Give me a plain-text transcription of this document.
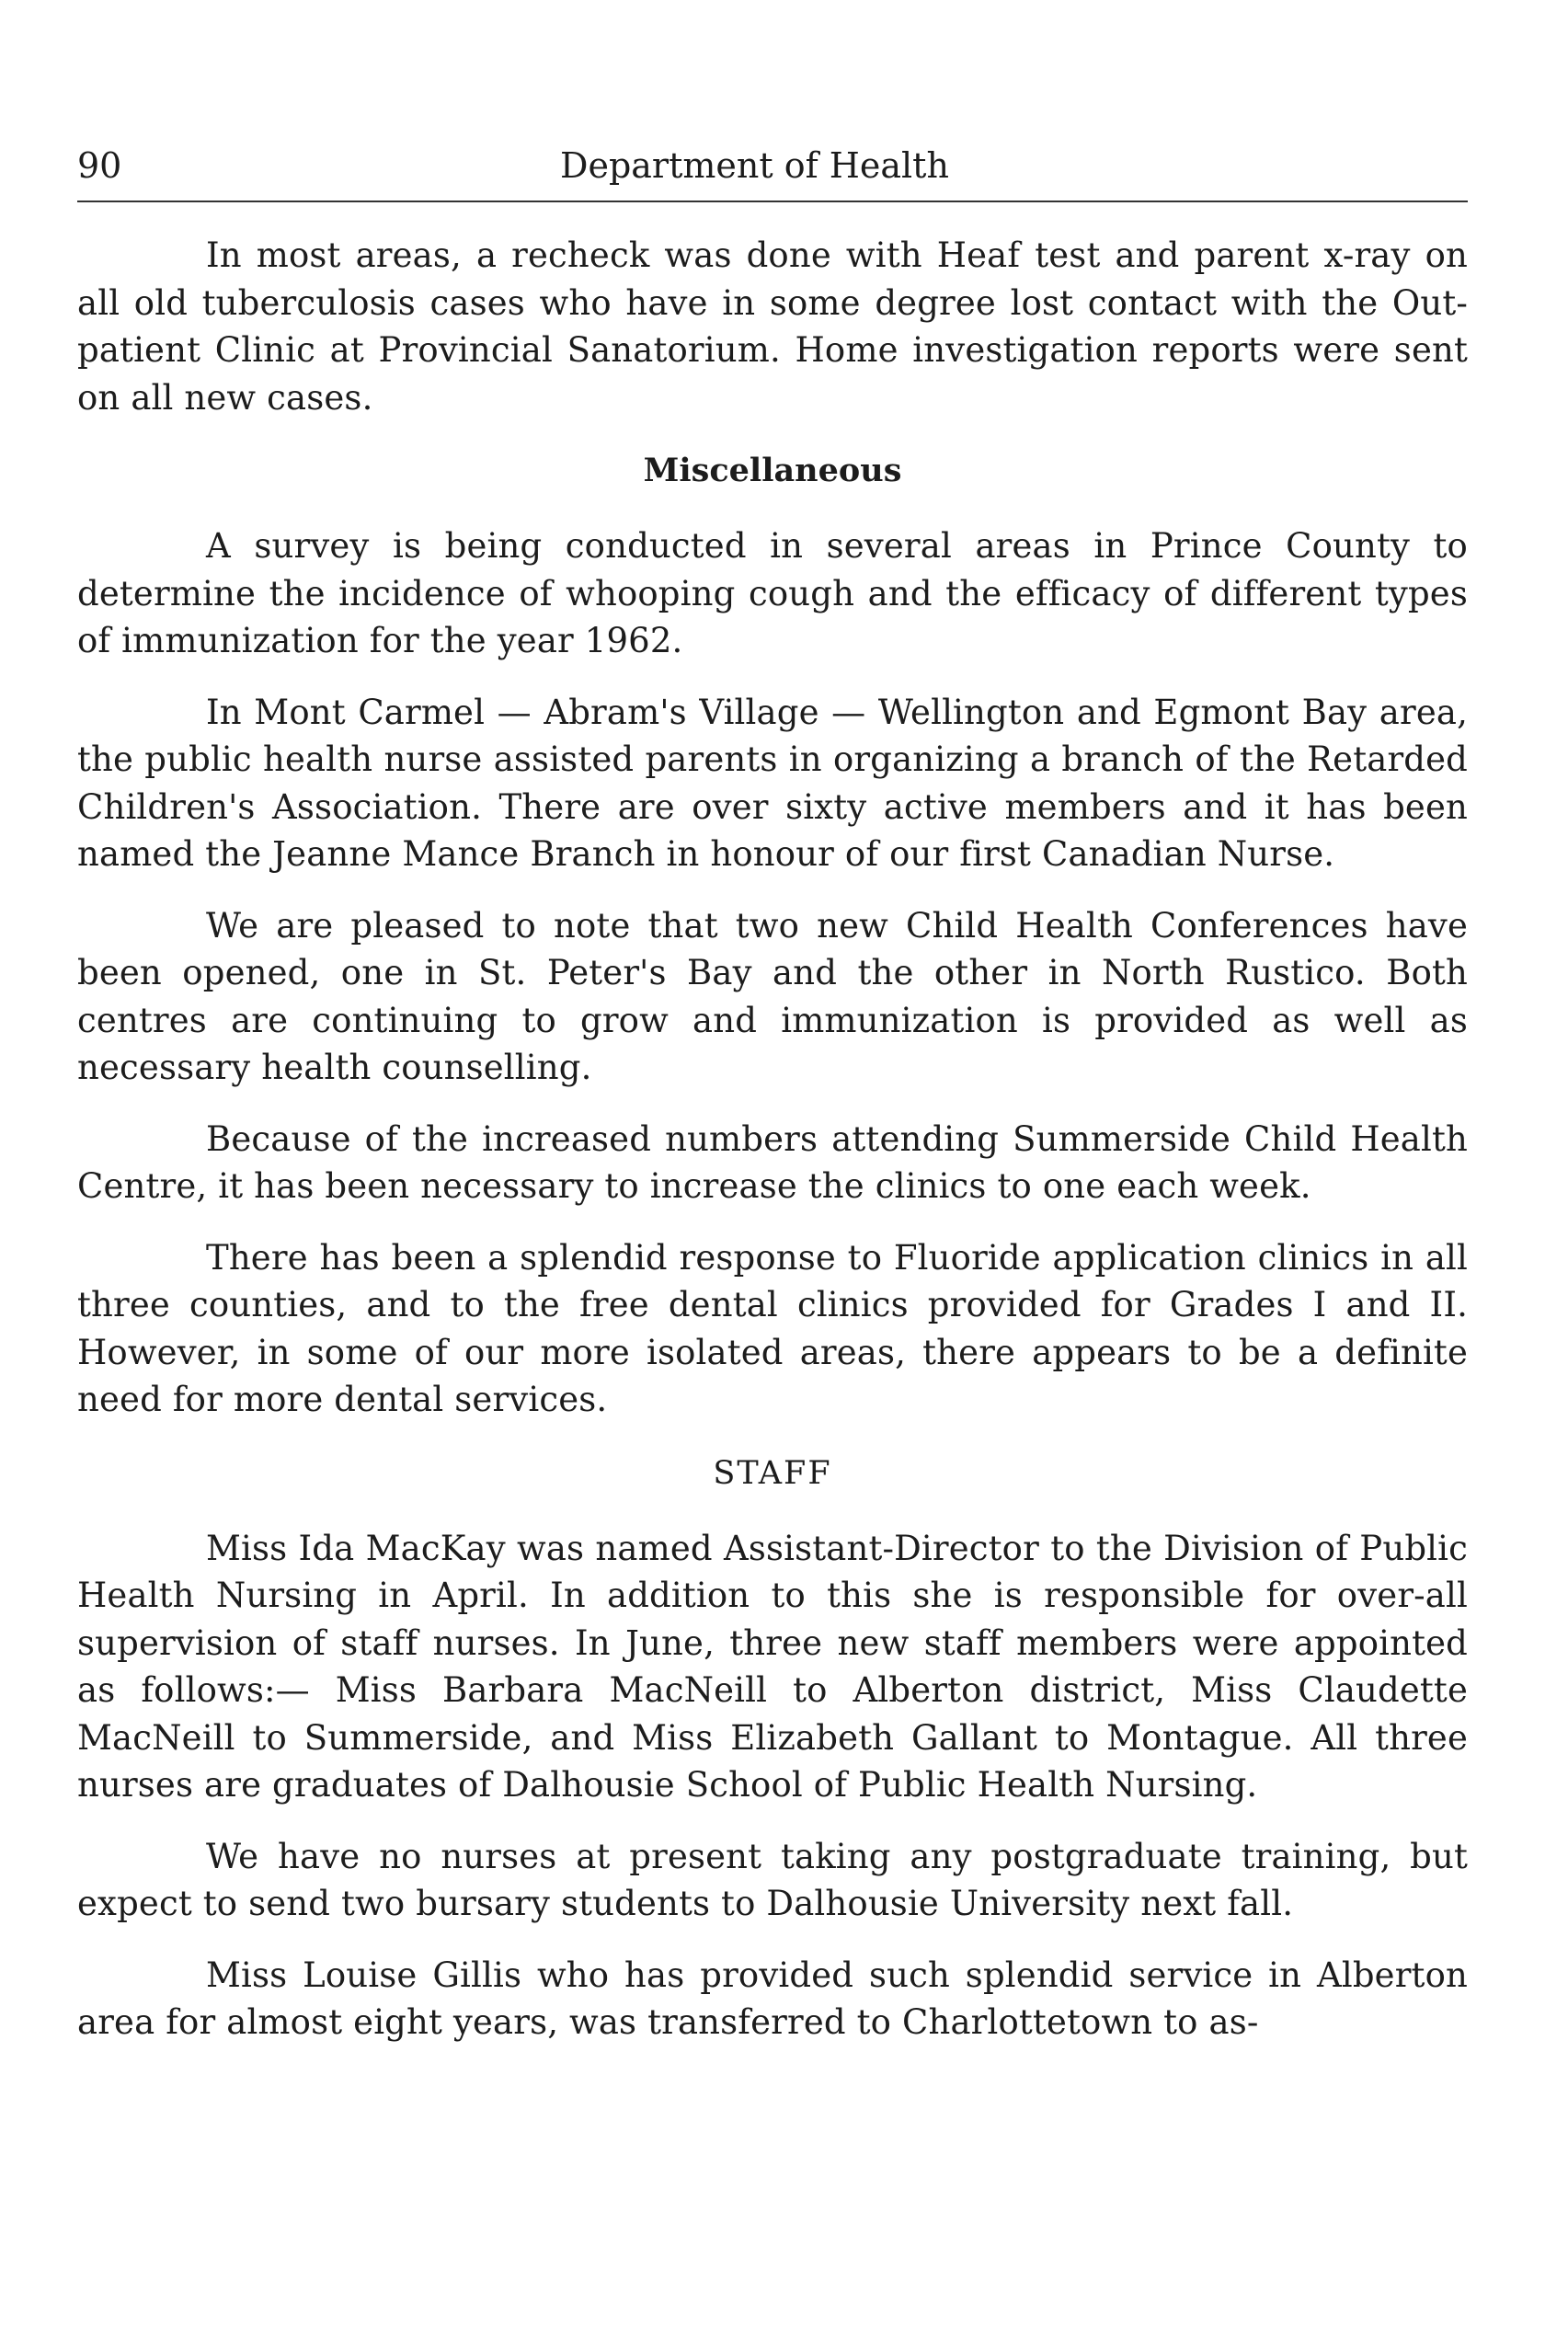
90	Department of Health

In most areas, a recheck was done with Heaf test and parent x-ray on all old tuberculosis cases who have in some degree lost contact with the Out-patient Clinic at Provincial Sanatorium. Home investigation reports were sent on all new cases.

Miscellaneous

A survey is being conducted in several areas in Prince County to determine the incidence of whooping cough and the efficacy of different types of immunization for the year 1962.

In Mont Carmel — Abram's Village — Wellington and Egmont Bay area, the public health nurse assisted parents in organizing a branch of the Retarded Children's Association. There are over sixty active members and it has been named the Jeanne Mance Branch in honour of our first Canadian Nurse.

We are pleased to note that two new Child Health Conferences have been opened, one in St. Peter's Bay and the other in North Rustico. Both centres are continuing to grow and immunization is provided as well as necessary health counselling.

Because of the increased numbers attending Summerside Child Health Centre, it has been necessary to increase the clinics to one each week.

There has been a splendid response to Fluoride application clinics in all three counties, and to the free dental clinics provided for Grades I and II. However, in some of our more isolated areas, there appears to be a definite need for more dental services.

STAFF

Miss Ida MacKay was named Assistant-Director to the Division of Public Health Nursing in April. In addition to this she is responsible for over-all supervision of staff nurses. In June, three new staff members were appointed as follows:— Miss Barbara MacNeill to Alberton district, Miss Claudette MacNeill to Summerside, and Miss Elizabeth Gallant to Montague. All three nurses are graduates of Dalhousie School of Public Health Nursing.

We have no nurses at present taking any postgraduate training, but expect to send two bursary students to Dalhousie University next fall.

Miss Louise Gillis who has provided such splendid service in Alberton area for almost eight years, was transferred to Charlottetown to as-
